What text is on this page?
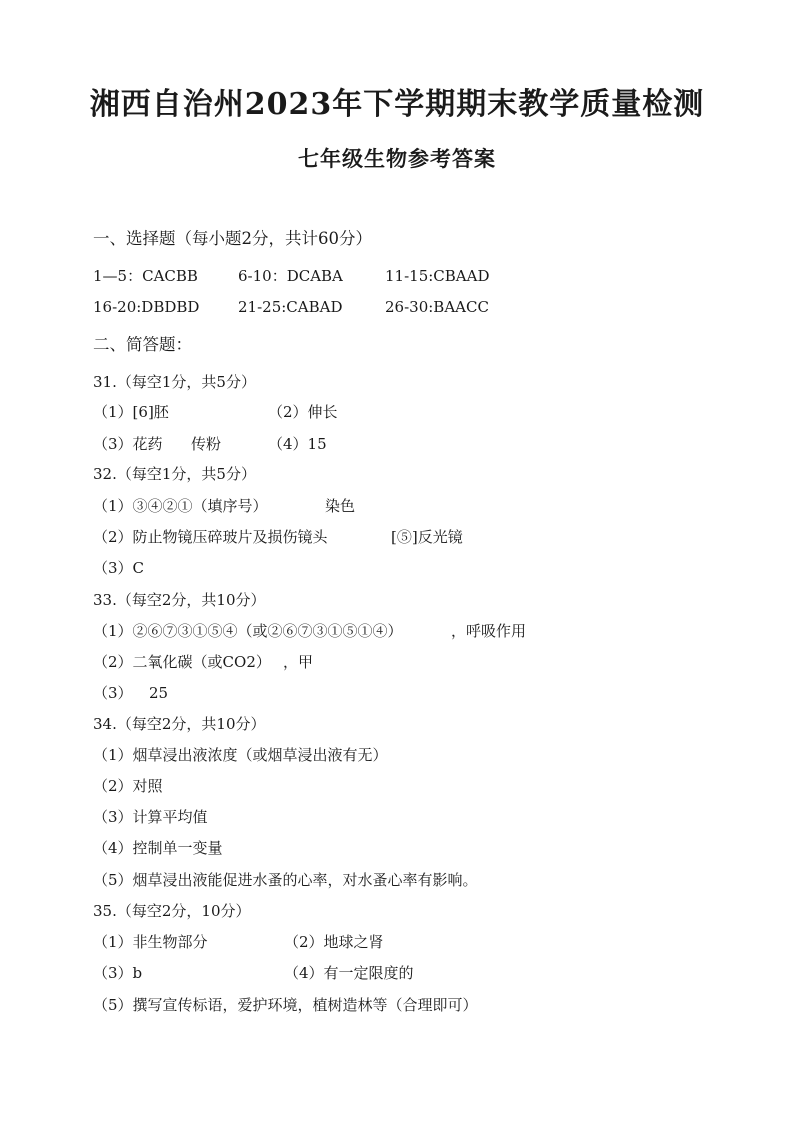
湘西自治州2023年下学期期末教学质量检测
七年级生物参考答案
一、选择题（每小题2分，共计60分）
1—5：CACBB	6-10：DCABA	11-15:CBAAD
16-20:DBDBD	21-25:CABAD	26-30:BAACC
二、简答题：
31.（每空1分，共5分）
（1）[6]胚	（2）伸长
（3）花药 传粉	（4）15
32.（每空1分，共5分）
（1）③④②①（填序号）	染色
（2）防止物镜压碎玻片及损伤镜头	[⑤]反光镜
（3）C
33.（每空2分，共10分）
（1）②⑥⑦③①⑤④（或②⑥⑦③①⑤①④）	，呼吸作用
（2）二氧化碳（或CO2） ，甲
（3） 25
34.（每空2分，共10分）
（1）烟草浸出液浓度（或烟草浸出液有无）
（2）对照
（3）计算平均值
（4）控制单一变量
（5）烟草浸出液能促进水蚤的心率，对水蚤心率有影响。
35.（每空2分，10分）
（1）非生物部分	（2）地球之肾
（3）b	（4）有一定限度的
（5）撰写宣传标语，爱护环境，植树造林等（合理即可）
